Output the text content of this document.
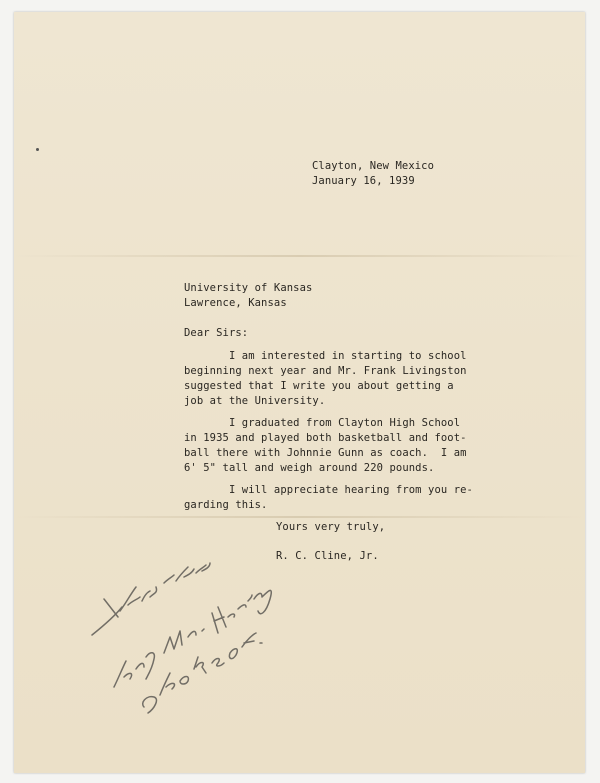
Clayton, New Mexico
January 16, 1939
University of Kansas
Lawrence, Kansas
Dear Sirs:
I am interested in starting to school
beginning next year and Mr. Frank Livingston
suggested that I write you about getting a
job at the University.
I graduated from Clayton High School
in 1935 and played both basketball and foot-
ball there with Johnnie Gunn as coach.  I am
6' 5" tall and weigh around 220 pounds.
I will appreciate hearing from you re-
garding this.
Yours very truly,
R. C. Cline, Jr.
